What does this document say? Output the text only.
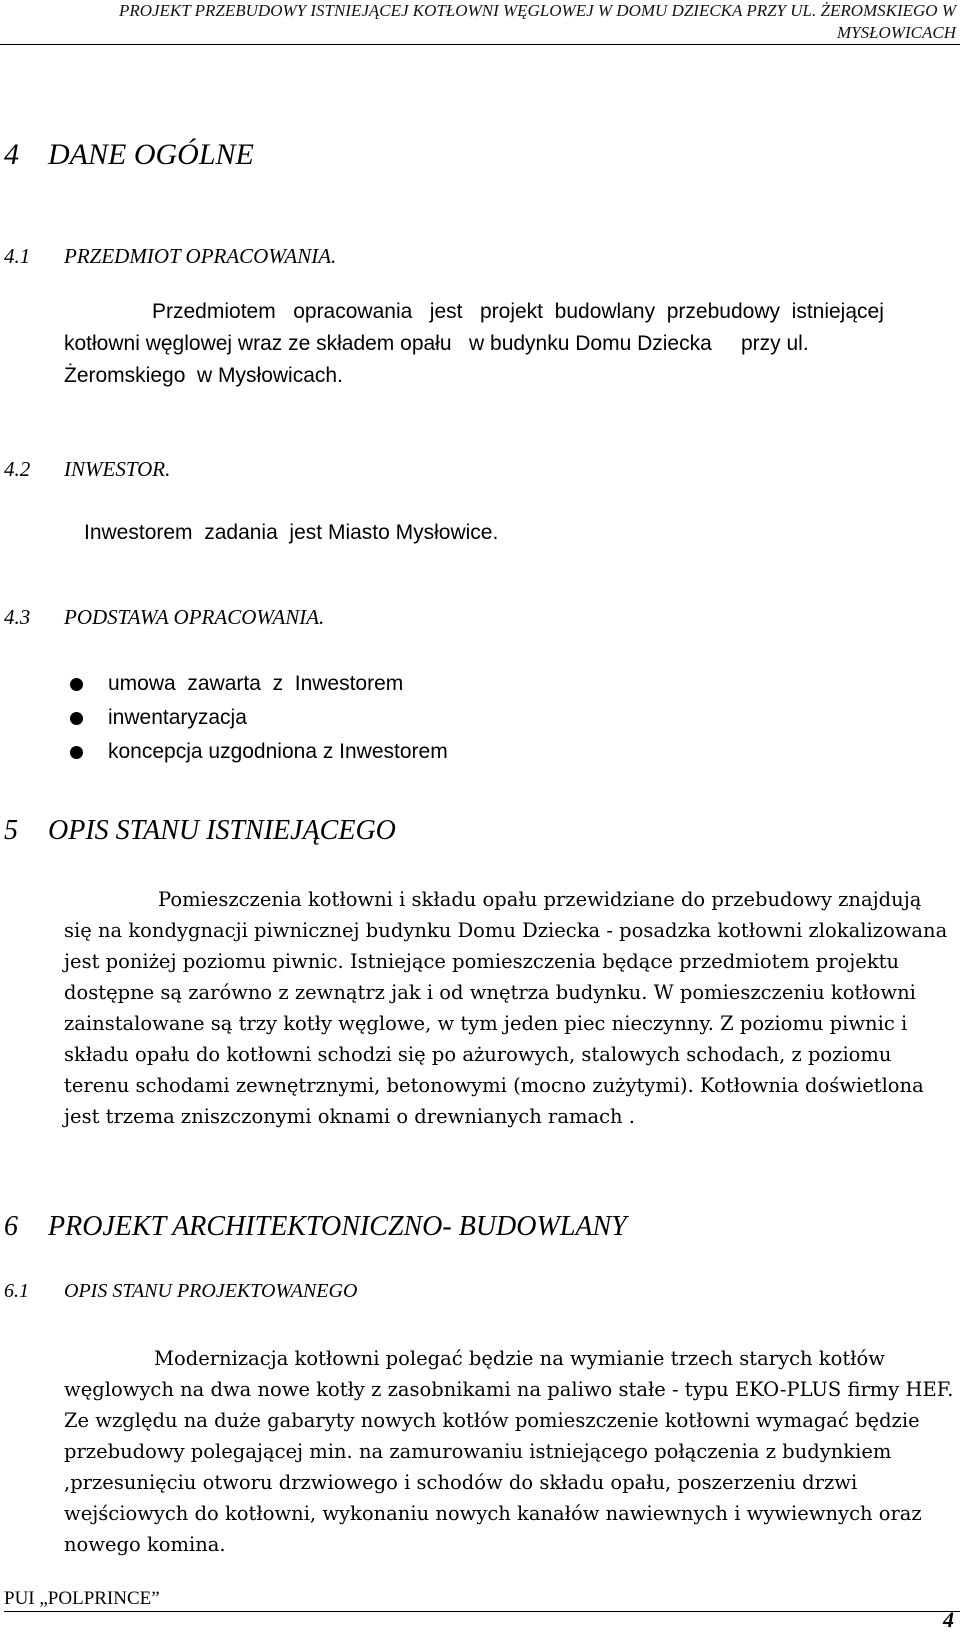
PROJEKT PRZEBUDOWY ISTNIEJĄCEJ KOTŁOWNI WĘGLOWEJ W DOMU DZIECKA PRZY UL. ŻEROMSKIEGO W
MYSŁOWICACH
4 DANE OGÓLNE
4.1 PRZEDMIOT OPRACOWANIA.
Przedmiotem   opracowania   jest   projekt  budowlany  przebudowy  istniejącej
kotłowni węglowej wraz ze składem opału   w budynku Domu Dziecka     przy ul.
Żeromskiego  w Mysłowicach.
4.2 INWESTOR.
Inwestorem  zadania  jest Miasto Mysłowice.
4.3 PODSTAWA OPRACOWANIA.
umowa  zawarta  z  Inwestorem
inwentaryzacja
koncepcja uzgodniona z Inwestorem
5 OPIS STANU ISTNIEJĄCEGO
Pomieszczenia kotłowni i składu opału przewidziane do przebudowy znajdują się na kondygnacji piwnicznej budynku Domu Dziecka - posadzka kotłowni zlokalizowana jest poniżej poziomu piwnic. Istniejące pomieszczenia będące przedmiotem projektu dostępne są zarówno z zewnątrz jak i od wnętrza budynku. W pomieszczeniu kotłowni zainstalowane są trzy kotły węglowe, w tym jeden piec nieczynny. Z poziomu piwnic i składu opału do kotłowni schodzi się po ażurowych, stalowych schodach, z poziomu terenu schodami zewnętrznymi, betonowymi (mocno zużytymi). Kotłownia doświetlona jest trzema zniszczonymi oknami o drewnianych ramach .
6 PROJEKT ARCHITEKTONICZNO- BUDOWLANY
6.1 OPIS STANU PROJEKTOWANEGO
Modernizacja kotłowni polegać będzie na wymianie trzech starych kotłów węglowych na dwa nowe kotły z zasobnikami na paliwo stałe - typu EKO-PLUS firmy HEF. Ze względu na duże gabaryty nowych kotłów pomieszczenie kotłowni wymagać będzie przebudowy polegającej min. na zamurowaniu istniejącego połączenia z budynkiem ,przesunięciu otworu drzwiowego i schodów do składu opału, poszerzeniu drzwi wejściowych do kotłowni, wykonaniu nowych kanałów nawiewnych i wywiewnych oraz nowego komina.
PUI „POLPRINCE”
4
